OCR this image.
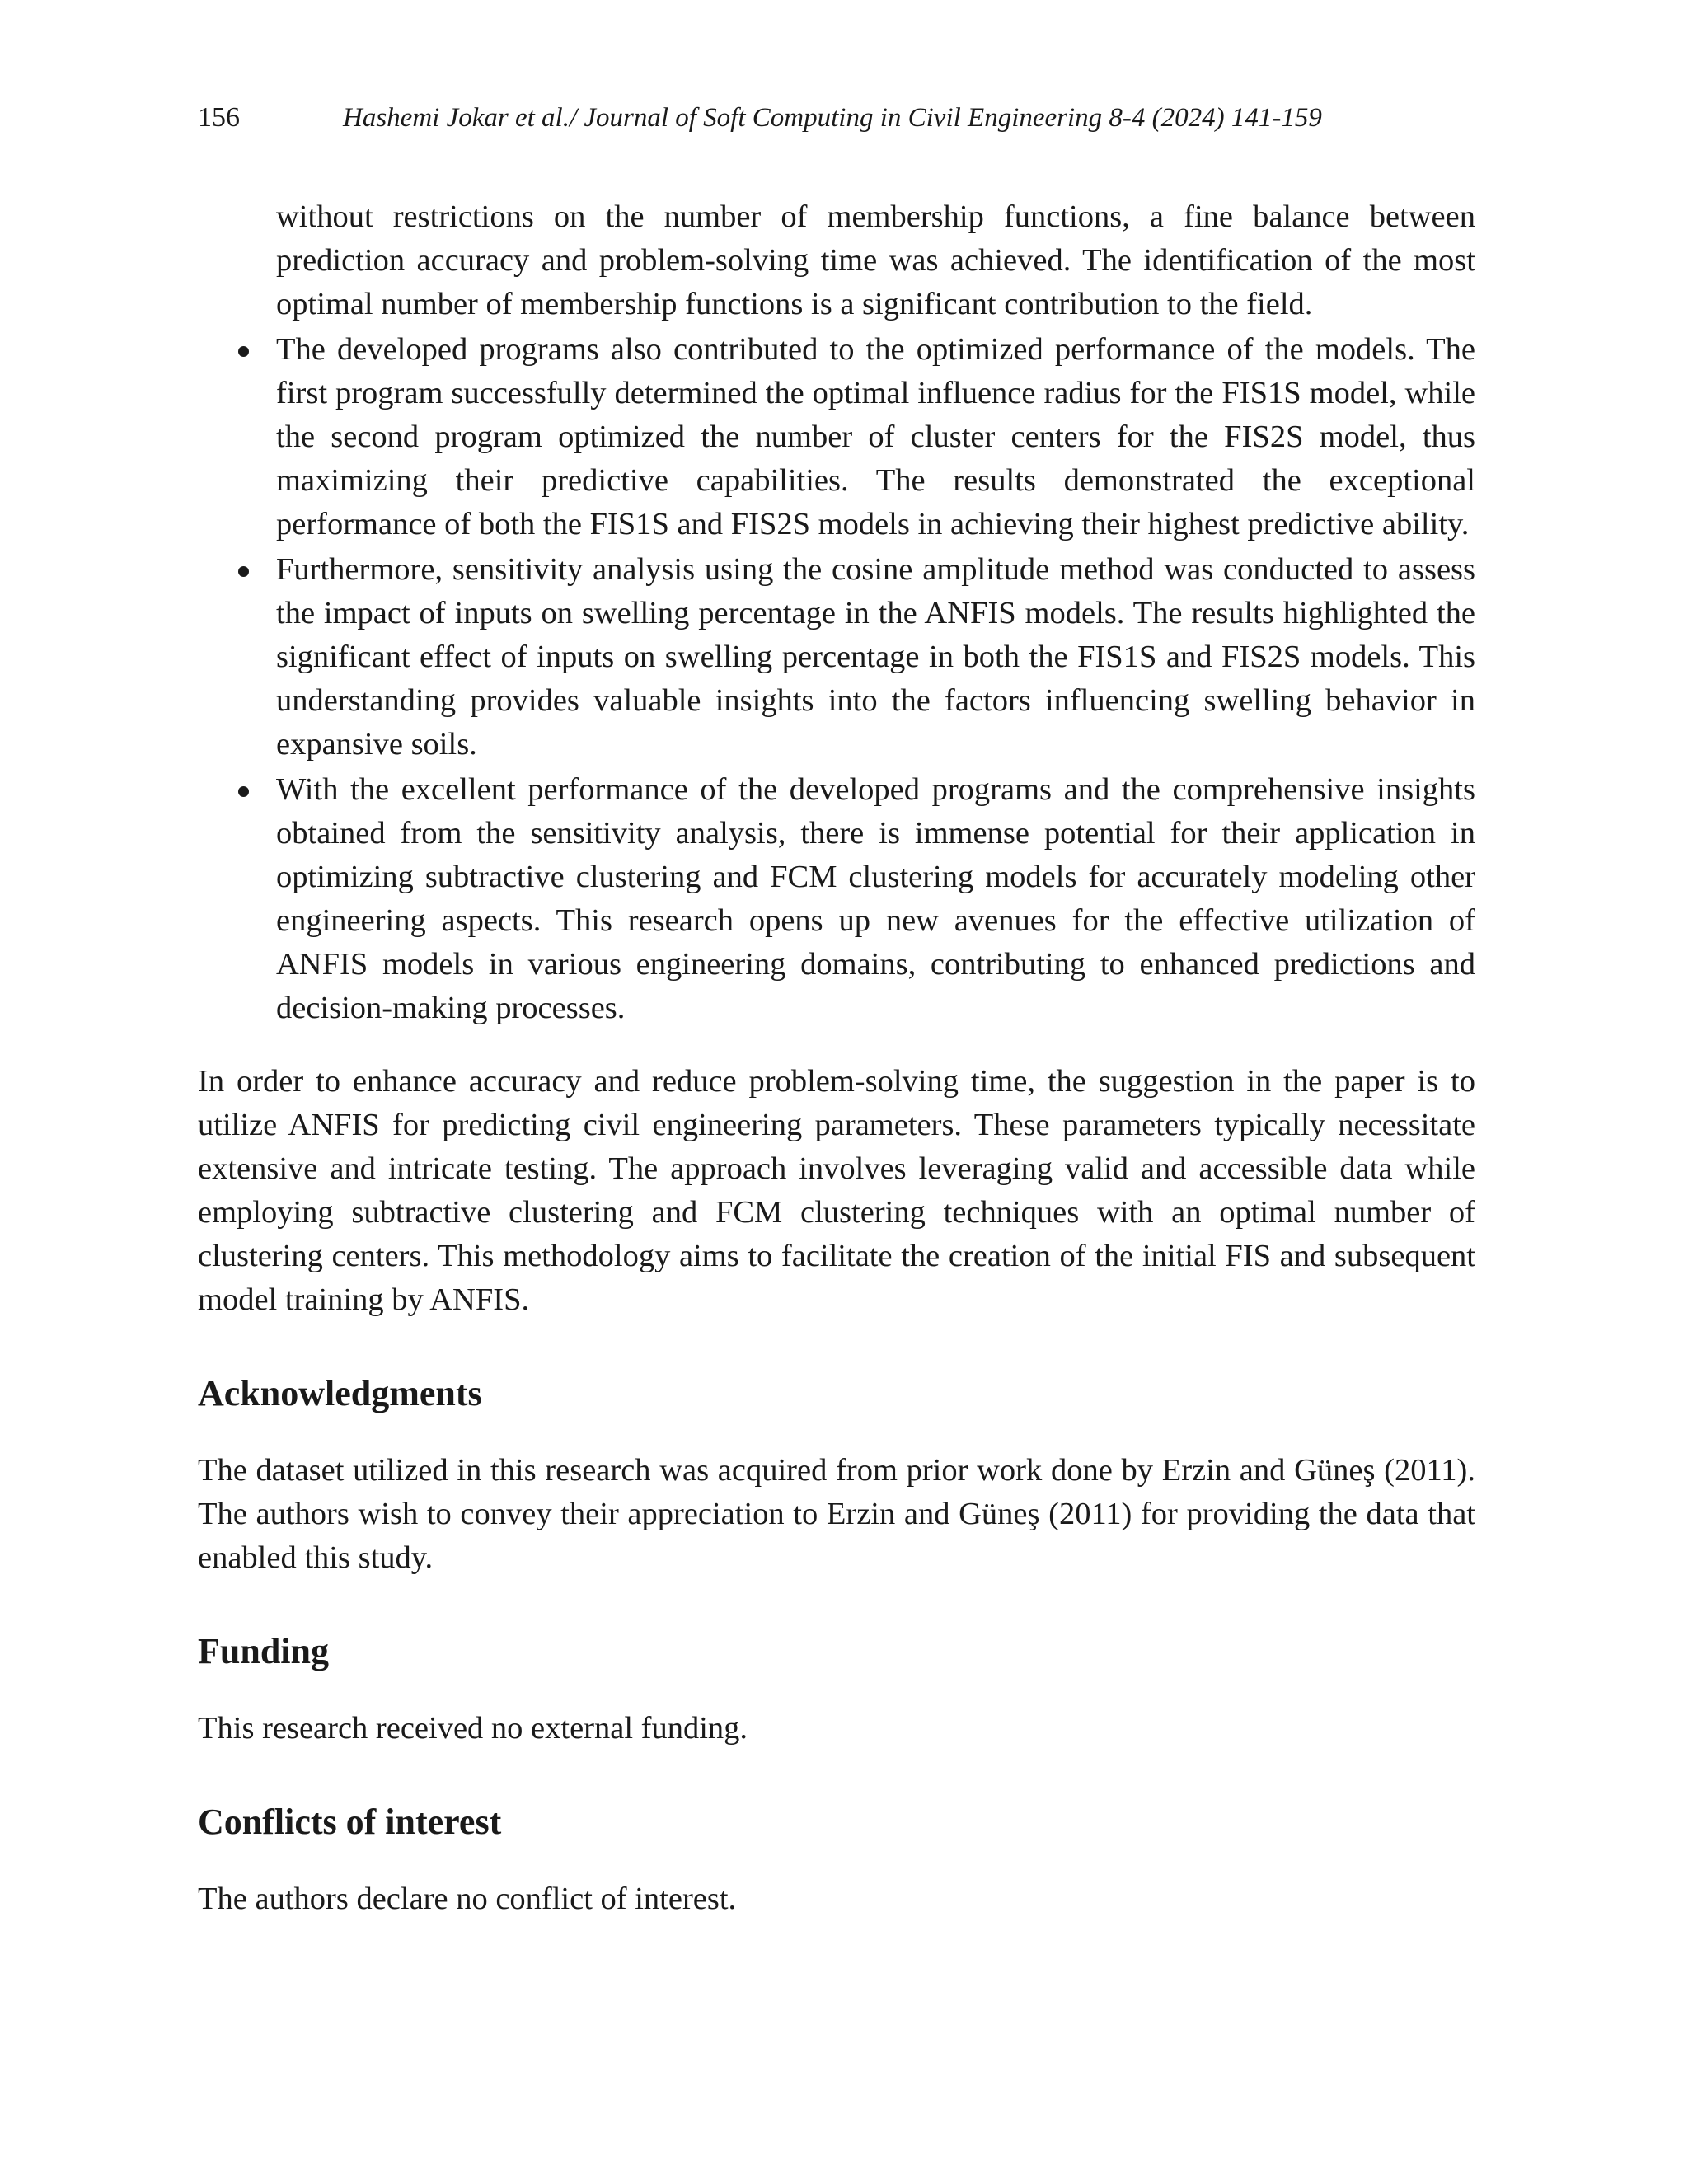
156	Hashemi Jokar et al./ Journal of Soft Computing in Civil Engineering 8-4 (2024) 141-159

without restrictions on the number of membership functions, a fine balance between prediction accuracy and problem-solving time was achieved. The identification of the most optimal number of membership functions is a significant contribution to the field.

The developed programs also contributed to the optimized performance of the models. The first program successfully determined the optimal influence radius for the FIS1S model, while the second program optimized the number of cluster centers for the FIS2S model, thus maximizing their predictive capabilities. The results demonstrated the exceptional performance of both the FIS1S and FIS2S models in achieving their highest predictive ability.
Furthermore, sensitivity analysis using the cosine amplitude method was conducted to assess the impact of inputs on swelling percentage in the ANFIS models. The results highlighted the significant effect of inputs on swelling percentage in both the FIS1S and FIS2S models. This understanding provides valuable insights into the factors influencing swelling behavior in expansive soils.
With the excellent performance of the developed programs and the comprehensive insights obtained from the sensitivity analysis, there is immense potential for their application in optimizing subtractive clustering and FCM clustering models for accurately modeling other engineering aspects. This research opens up new avenues for the effective utilization of ANFIS models in various engineering domains, contributing to enhanced predictions and decision-making processes.

In order to enhance accuracy and reduce problem-solving time, the suggestion in the paper is to utilize ANFIS for predicting civil engineering parameters. These parameters typically necessitate extensive and intricate testing. The approach involves leveraging valid and accessible data while employing subtractive clustering and FCM clustering techniques with an optimal number of clustering centers. This methodology aims to facilitate the creation of the initial FIS and subsequent model training by ANFIS.

Acknowledgments

The dataset utilized in this research was acquired from prior work done by Erzin and Güneş (2011). The authors wish to convey their appreciation to Erzin and Güneş (2011) for providing the data that enabled this study.

Funding

This research received no external funding.

Conflicts of interest

The authors declare no conflict of interest.
